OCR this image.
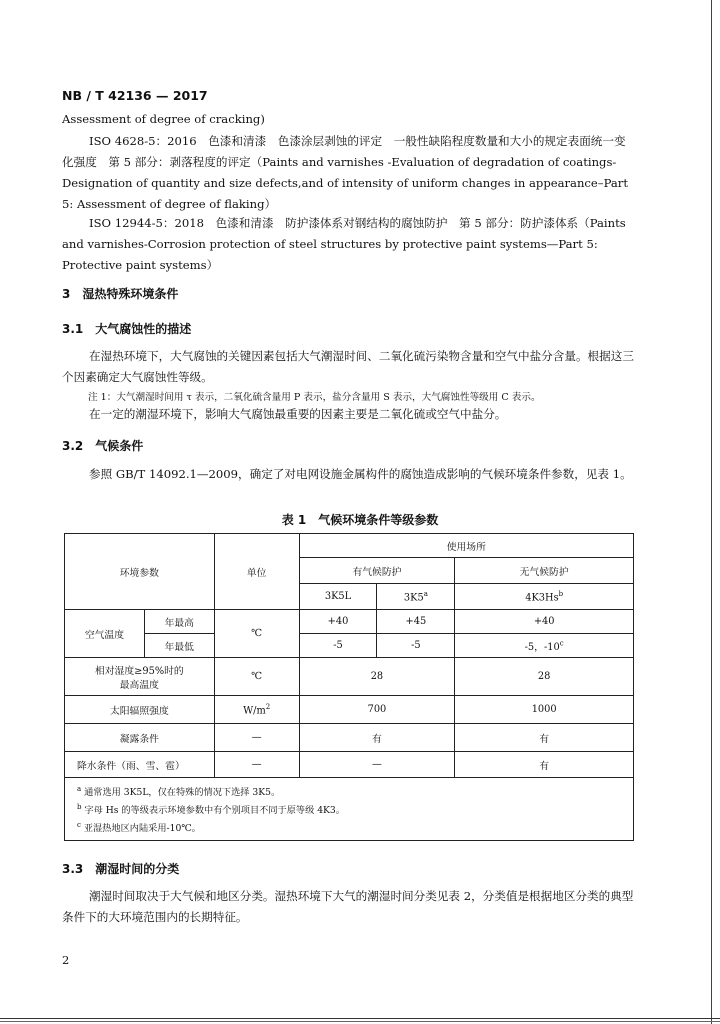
NB / T 42136 — 2017
Assessment of degree of cracking)
ISO 4628-5：2016　色漆和清漆　色漆涂层剥蚀的评定　一般性缺陷程度数量和大小的规定表面统一变化强度　第 5 部分：剥落程度的评定（Paints and varnishes -Evaluation of degradation of coatings- Designation of quantity and size defects,and of intensity of uniform changes in appearance–Part 5: Assessment of degree of flaking）
ISO 12944-5：2018　色漆和清漆　防护漆体系对钢结构的腐蚀防护　第 5 部分：防护漆体系（Paints and varnishes-Corrosion protection of steel structures by protective paint systems—Part 5: Protective paint systems）
3　湿热特殊环境条件
3.1　大气腐蚀性的描述
在湿热环境下，大气腐蚀的关键因素包括大气潮湿时间、二氧化硫污染物含量和空气中盐分含量。根据这三个因素确定大气腐蚀性等级。
注 1：大气潮湿时间用 τ 表示，二氧化硫含量用 P 表示，盐分含量用 S 表示，大气腐蚀性等级用 C 表示。
在一定的潮湿环境下，影响大气腐蚀最重要的因素主要是二氧化硫或空气中盐分。
3.2　气候条件
参照 GB/T 14092.1—2009，确定了对电网设施金属构件的腐蚀造成影响的气候环境条件参数，见表 1。
表 1　气候环境条件等级参数
环境参数		单位	使用场所		
			有气候防护		无气候防护
			3K5L	3K5$^a$	4K3Hs$^b$
空气温度	年最高	℃	+40	+45	+40
	年最低		-5	-5	-5，-10$^c$

相对湿度≥95%时的
最高温度		℃	28		28
太阳辐照强度		$W/m^2$	700		1000
凝露条件		—	有		有
降水条件（雨、雪、雹）		—	—		有

$^a$ 通常选用 3K5L，仅在特殊的情况下选择 3K5。
$^b$ 字母 Hs 的等级表示环境参数中有个别项目不同于原等级 4K3。
$^c$ 亚湿热地区内陆采用-10℃。					
3.3　潮湿时间的分类
潮湿时间取决于大气候和地区分类。湿热环境下大气的潮湿时间分类见表 2，分类值是根据地区分类的典型条件下的大环境范围内的长期特征。
2
